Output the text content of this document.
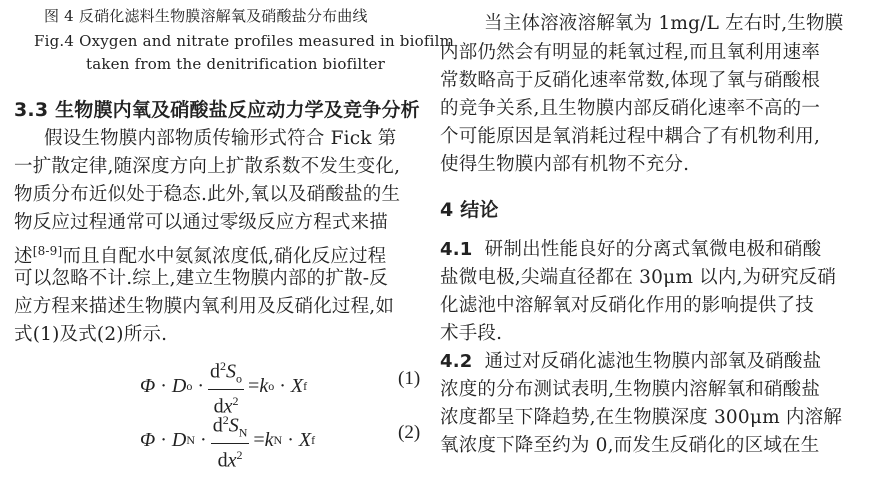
图 4 反硝化滤料生物膜溶解氧及硝酸盐分布曲线
Fig.4 Oxygen and nitrate profiles measured in biofilm
taken from the denitrification biofilter
3.3 生物膜内氧及硝酸盐反应动力学及竞争分析
假设生物膜内部物质传输形式符合 Fick 第
一扩散定律,随深度方向上扩散系数不发生变化,
物质分布近似处于稳态.此外,氧以及硝酸盐的生
物反应过程通常可以通过零级反应方程式来描
述[8-9]而且自配水中氨氮浓度低,硝化反应过程
可以忽略不计.综上,建立生物膜内部的扩散-反
应方程来描述生物膜内氧利用及反硝化过程,如
式(1)及式(2)所示.
Φ · D $o \cdot \frac{d^2S_o}{dx^2} = k$ o · X f	(1)
Φ · D $N \cdot \frac{d^2S_N}{dx^2} = k$ N · X f	(2)
当主体溶液溶解氧为 1mg/L 左右时,生物膜
内部仍然会有明显的耗氧过程,而且氧利用速率
常数略高于反硝化速率常数,体现了氧与硝酸根
的竞争关系,且生物膜内部反硝化速率不高的一
个可能原因是氧消耗过程中耦合了有机物利用,
使得生物膜内部有机物不充分.
4 结论
4.1 研制出性能良好的分离式氧微电极和硝酸
盐微电极,尖端直径都在 30μm 以内,为研究反硝
化滤池中溶解氧对反硝化作用的影响提供了技
术手段.
4.2 通过对反硝化滤池生物膜内部氧及硝酸盐
浓度的分布测试表明,生物膜内溶解氧和硝酸盐
浓度都呈下降趋势,在生物膜深度 300μm 内溶解
氧浓度下降至约为 0,而发生反硝化的区域在生
